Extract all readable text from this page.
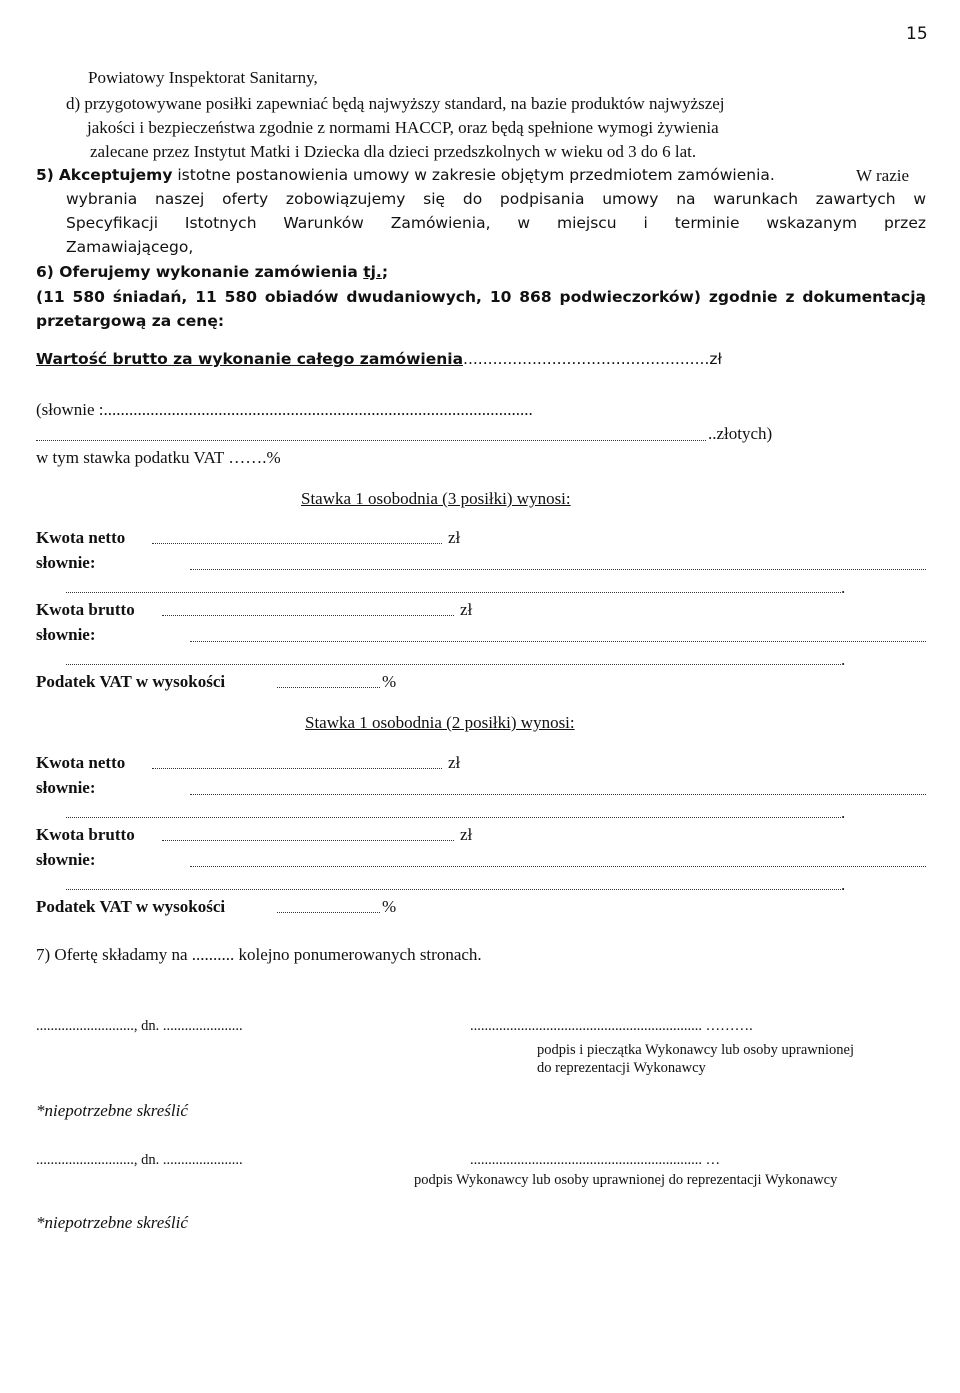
15
Powiatowy Inspektorat Sanitarny,
d) przygotowywane posiłki zapewniać będą najwyższy standard, na bazie produktów najwyższej
jakości i bezpieczeństwa zgodnie z normami HACCP, oraz będą spełnione wymogi żywienia
zalecane przez Instytut Matki i Dziecka dla dzieci przedszkolnych w wieku od 3 do 6 lat.
5) Akceptujemy istotne postanowienia umowy w zakresie objętym przedmiotem zamówienia.	W razie
wybrania naszej oferty zobowiązujemy się do podpisania umowy na warunkach zawartych w
Specyfikacji Istotnych Warunków Zamówienia, w miejscu i terminie wskazanym przez
Zamawiającego,
6) Oferujemy wykonanie zamówienia tj.;
(11 580 śniadań, 11 580 obiadów dwudaniowych, 10 868 podwieczorków) zgodnie z dokumentacją
przetargową za cenę:
Wartość brutto za wykonanie całego zamówienia..................................................zł
(słownie :.....................................................................................................
..złotych)
w tym stawka podatku VAT …….%
Stawka 1 osobodnia (3 posiłki) wynosi:
Kwota netto	zł
słownie:
.
Kwota brutto	zł
słownie:
.
Podatek VAT w wysokości	%
Stawka 1 osobodnia (2 posiłki) wynosi:
Kwota netto	zł
słownie:
.
Kwota brutto	zł
słownie:
.
Podatek VAT w wysokości	%
7) Ofertę składamy na .......... kolejno ponumerowanych stronach.
..........................., dn. ......................	................................................................ ……….
podpis i pieczątka Wykonawcy lub osoby uprawnionej
do reprezentacji Wykonawcy
*niepotrzebne skreślić
..........................., dn. ......................	................................................................ …
podpis Wykonawcy lub osoby uprawnionej do reprezentacji Wykonawcy
*niepotrzebne skreślić
